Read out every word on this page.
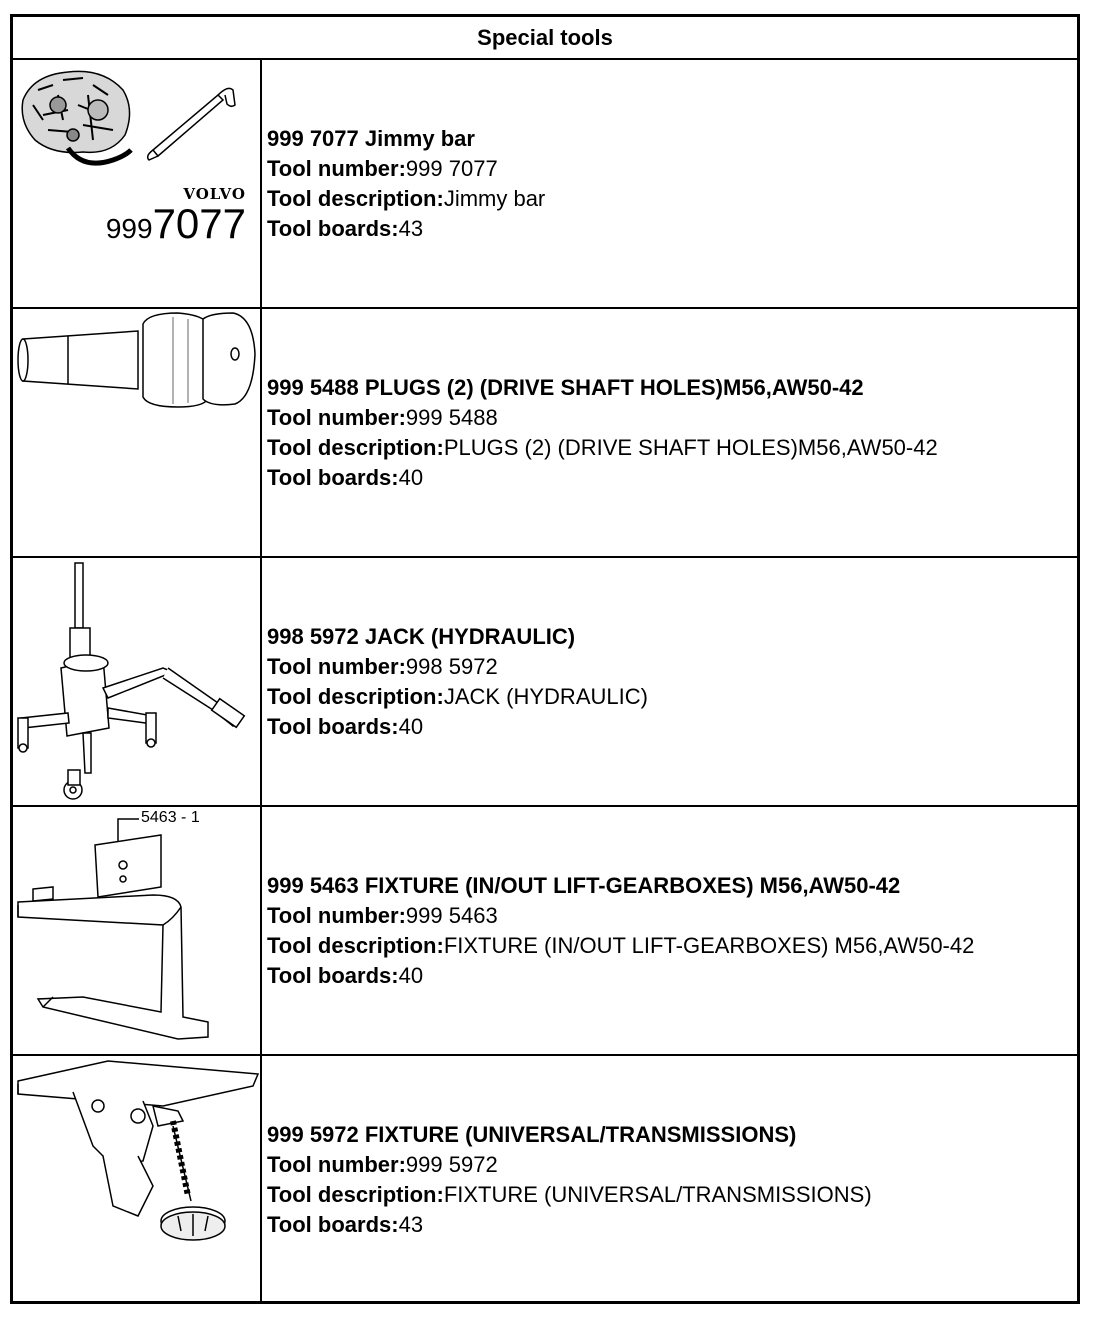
Special tools
VOLVO
9997077
999 7077 Jimmy bar
Tool number:999 7077
Tool description:Jimmy bar
Tool boards:43
999 5488 PLUGS (2) (DRIVE SHAFT HOLES)M56,AW50-42
Tool number:999 5488
Tool description:PLUGS (2) (DRIVE SHAFT HOLES)M56,AW50-42
Tool boards:40
998 5972 JACK (HYDRAULIC)
Tool number:998 5972
Tool description:JACK (HYDRAULIC)
Tool boards:40
5463 - 1
999 5463 FIXTURE (IN/OUT LIFT-GEARBOXES) M56,AW50-42
Tool number:999 5463
Tool description:FIXTURE (IN/OUT LIFT-GEARBOXES) M56,AW50-42
Tool boards:40
999 5972 FIXTURE (UNIVERSAL/TRANSMISSIONS)
Tool number:999 5972
Tool description:FIXTURE (UNIVERSAL/TRANSMISSIONS)
Tool boards:43
